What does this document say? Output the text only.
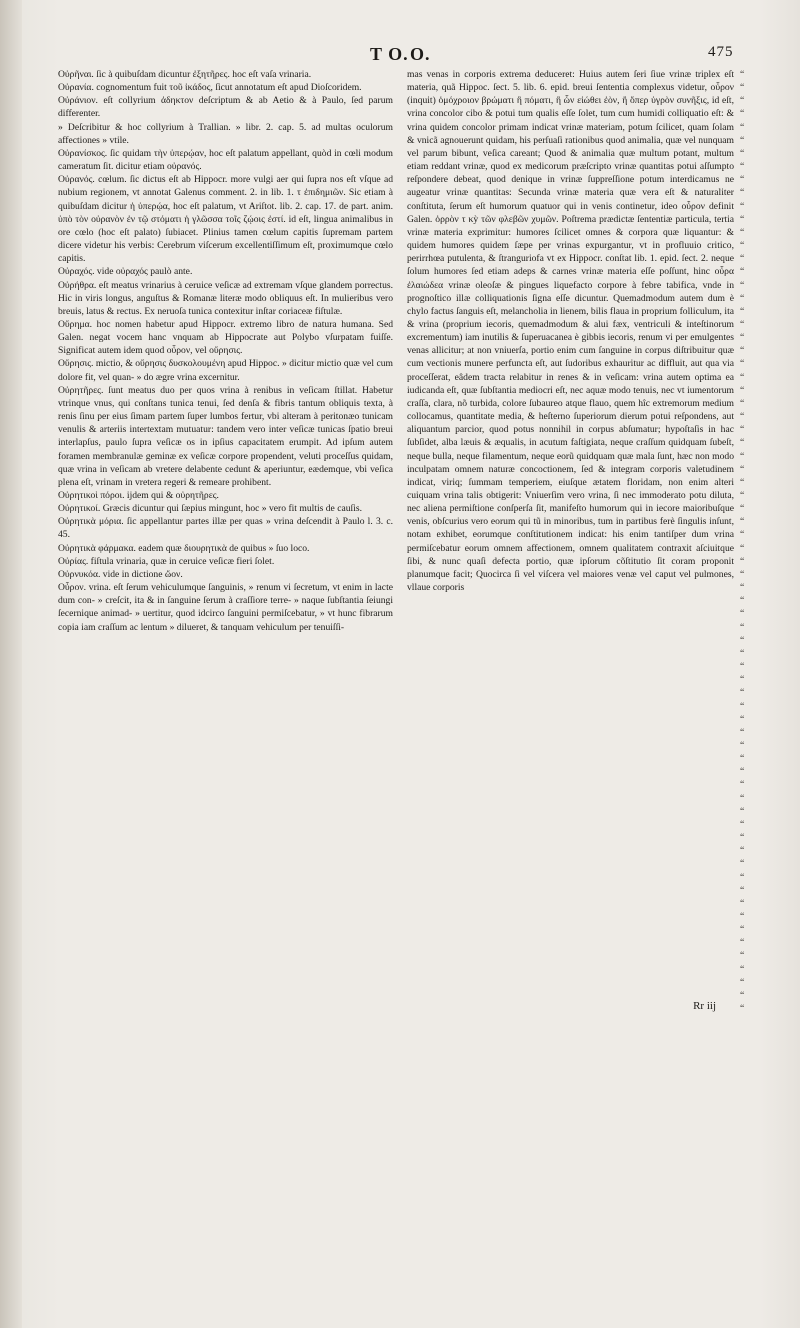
T O. O.	475

Οὐρῆναι. ſic à quibuſdam dicuntur ἐξητῆρες. hoc eſt vaſa vrinaria.

Οὐρανία. cognomentum fuit τοῦ ἰκάδος, ſicut annotatum eſt apud Dioſcoridem.

Οὐράνιον. eſt collyrium ἀδηκτον deſcriptum & ab Aetio & à Paulo, ſed parum differenter.

» Deſcribitur & hoc collyrium à Trallian. » libr. 2. cap. 5. ad multas oculorum affectiones » vtile.

Οὐρανίσκος. ſic quidam τὴν ὑπερῴαν, hoc eſt palatum appellant, quòd in cœli modum cameratum ſit. dicitur etiam οὐρανός.

Οὐρανός. cœlum. ſic dictus eſt ab Hippocr. more vulgi aer qui ſupra nos eſt vſque ad nubium regionem, vt annotat Galenus comment. 2. in lib. 1. τ ἐπιδημιῶν. Sic etiam à quibuſdam dicitur ἡ ὑπερῴα, hoc eſt palatum, vt Ariſtot. lib. 2. cap. 17. de part. anim. ὑπὸ τὸν οὐρανὸν ἐν τῷ στόματι ἡ γλῶσσα τοῖς ζῴοις ἐστί. id eſt, lingua animalibus in ore cœlo (hoc eſt palato) ſubiacet. Plinius tamen cœlum capitis ſupremam partem dicere videtur his verbis: Cerebrum viſcerum excellentiſſimum eſt, proximumque cœlo capitis.

Οὐραχός. vide οὐραχός paulò ante.

Οὐρήθρα. eſt meatus vrinarius à ceruice veſicæ ad extremam vſque glandem porrectus. Hic in viris longus, anguſtus & Romanæ literæ modo obliquus eſt. In mulieribus vero breuis, latus & rectus. Ex neruoſa tunica contexitur inſtar coriaceæ fiſtulæ.

Οὔρημα. hoc nomen habetur apud Hippocr. extremo libro de natura humana. Sed Galen. negat vocem hanc vnquam ab Hippocrate aut Polybo vſurpatam fuiſſe. Significat autem idem quod οὖρον, vel οὔρησις.

Οὔρησις. mictio, & οὔρησις δυσκολουμένη apud Hippoc. » dicitur mictio quæ vel cum dolore fit, vel quan- » do ægre vrina excernitur.

Οὐρητῆρες. ſunt meatus duo per quos vrina à renibus in veſicam ſtillat. Habetur vtrinque vnus, qui conſtans tunica tenui, ſed denſa & fibris tantum obliquis texta, à renis ſinu per eius ſimam partem ſuper lumbos fertur, vbi alteram à peritonæo tunicam venulis & arteriis intertextam mutuatur: tandem vero inter veſicæ tunicas ſpatio breui interlapſus, paulo ſupra veſicæ os in ipſius capacitatem erumpit. Ad ipſum autem foramen membranulæ geminæ ex veſicæ corpore propendent, veluti proceſſus quidam, quæ vrina in veſicam ab vretere delabente cedunt & aperiuntur, eædemque, vbi veſica plena eſt, vrinam in vretera regeri & remeare prohibent.

Οὐρητικοὶ πόροι. ijdem qui & οὐρητῆρες.

Οὐρητικοί. Græcis dicuntur qui ſæpius mingunt, hoc » vero fit multis de cauſis.

Οὐρητικὰ μόρια. ſic appellantur partes illæ per quas » vrina deſcendit à Paulo l. 3. c. 45.

Οὐρητικὰ φάρμακα. eadem quæ διουρητικὰ de quibus » ſuo loco.

Οὐρίας. fiſtula vrinaria, quæ in ceruice veſicæ fieri ſolet.

Οὐρνυκόα. vide in dictione ὤον.

Οὖρον. vrina. eſt ſerum vehiculumque ſanguinis, » renum vi ſecretum, vt enim in lacte dum con- » creſcit, ita & in ſanguine ſerum à craſſiore terre- » naque ſubſtantia ſeiungi ſecernique animad- » uertitur, quod idcirco ſanguini permiſcebatur, » vt hunc fibrarum copia iam craſſum ac lentum » dilueret, & tanquam vehiculum per tenuiſſi-

mas venas in corporis extrema deduceret: Huius autem ſeri ſiue vrinæ triplex eſt materia, quã Hippoc. ſect. 5. lib. 6. epid. breui ſententia complexus videtur, οὖρον (inquit) ὁμόχροιον βρώματι ἢ πόματι, ἢ ὧν εἰώθει ἐὸν, ἢ ὅπερ ὑγρὸν συνῆξις, id eſt, vrina concolor cibo & potui tum qualis eſſe ſolet, tum cum humidi colliquatio eſt: & vrina quidem concolor primam indicat vrinæ materiam, potum ſcilicet, quam ſolam & vnicã agnouerunt quidam, his perſuaſi rationibus quod animalia, quæ vel nunquam vel parum bibunt, veſica careant; Quod & animalia quæ multum potant, multum etiam reddant vrinæ, quod ex medicorum præſcripto vrinæ quantitas potui aſſumpto reſpondere debeat, quod denique in vrinæ ſuppreſſione potum interdicamus ne augeatur vrinæ quantitas: Secunda vrinæ materia quæ vera eſt & naturaliter conſtituta, ſerum eſt humorum quatuor qui in venis continetur, ideo οὖρον definit Galen. ὀρρὸν τ κỳ τῶν φλεβῶν χυμῶν. Poſtrema prædictæ ſententiæ particula, tertia vrinæ materia exprimitur: humores ſcilicet omnes & corpora quæ liquantur: & quidem humores quidem ſæpe per vrinas expurgantur, vt in profluuio critico, perirrhœa putulenta, & ſtranguriofa vt ex Hippocr. conſtat lib. 1. epid. ſect. 2. neque ſolum humores ſed etiam adeps & carnes vrinæ materia eſſe poſſunt, hinc οὖρα ἐλαιώδεα vrinæ oleoſæ & pingues liquefacto corpore à febre tabifica, vnde in prognoſtico illæ colliquationis ſigna eſſe dicuntur. Quemadmodum autem dum è chylo factus ſanguis eſt, melancholia in lienem, bilis flaua in proprium folliculum, ita & vrina (proprium iecoris, quemadmodum & alui fæx, ventriculi & inteſtinorum excrementum) iam inutilis & ſuperuacanea è gibbis iecoris, renum vi per emulgentes venas allicitur; at non vniuerſa, portio enim cum ſanguine in corpus diſtribuitur quæ cum vectionis munere perfuncta eſt, aut ſudoribus exhauritur ac diffluit, aut qua via proceſſerat, eâdem tracta relabitur in renes & in veſicam: vrina autem optima ea iudicanda eſt, quæ ſubſtantia mediocri eſt, nec aquæ modo tenuis, nec vt iumentorum craſſa, clara, nõ turbida, colore ſubaureo atque flauo, quem hîc extremorum medium collocamus, quantitate media, & heſterno ſuperiorum dierum potui reſpondens, aut aliquantum parcior, quod potus nonnihil in corpus abſumatur; hypoſtaſis in hac ſubſidet, alba læuis & æqualis, in acutum faſtigiata, neque craſſum quidquam ſubeſt, neque bulla, neque filamentum, neque eorũ quidquam quæ mala ſunt, hæc non modo inculpatam omnem naturæ concoctionem, ſed & integram corporis valetudinem indicat, viriq; ſummam temperiem, eiuſque ætatem floridam, non enim alteri cuiquam vrina talis obtigerit: Vniuerſim vero vrina, ſi nec immoderato potu diluta, nec aliena permiſtione conſperſa ſit, manifeſto humorum qui in iecore maioribuſque venis, obſcurius vero eorum qui tũ in minoribus, tum in partibus ferè ſingulis inſunt, notam exhibet, eorumque conſtitutionem indicat: his enim tantiſper dum vrina permiſcebatur eorum omnem affectionem, omnem qualitatem contraxit aſciuitque ſibi, & nunc quaſi defecta portio, quæ ipſorum cõſtitutio ſit coram proponit planumque facit; Quocirca ſi vel viſcera vel maiores venæ vel caput vel pulmones, vllaue corporis

“
“
“
“
“
“
“
“
“
“
“
“
“
“
“
“
“
“
“
“
“
“
“
“
“
“
“
“
“
“
“
“
“
“
“
“
“
“
“
“
“
“
“
“
“
“
“
“
“
“
“
“
“
“
“
“
“
“
“
“
“
“
“
“
“
“
“
“
“
“
“
“
Rr iij
